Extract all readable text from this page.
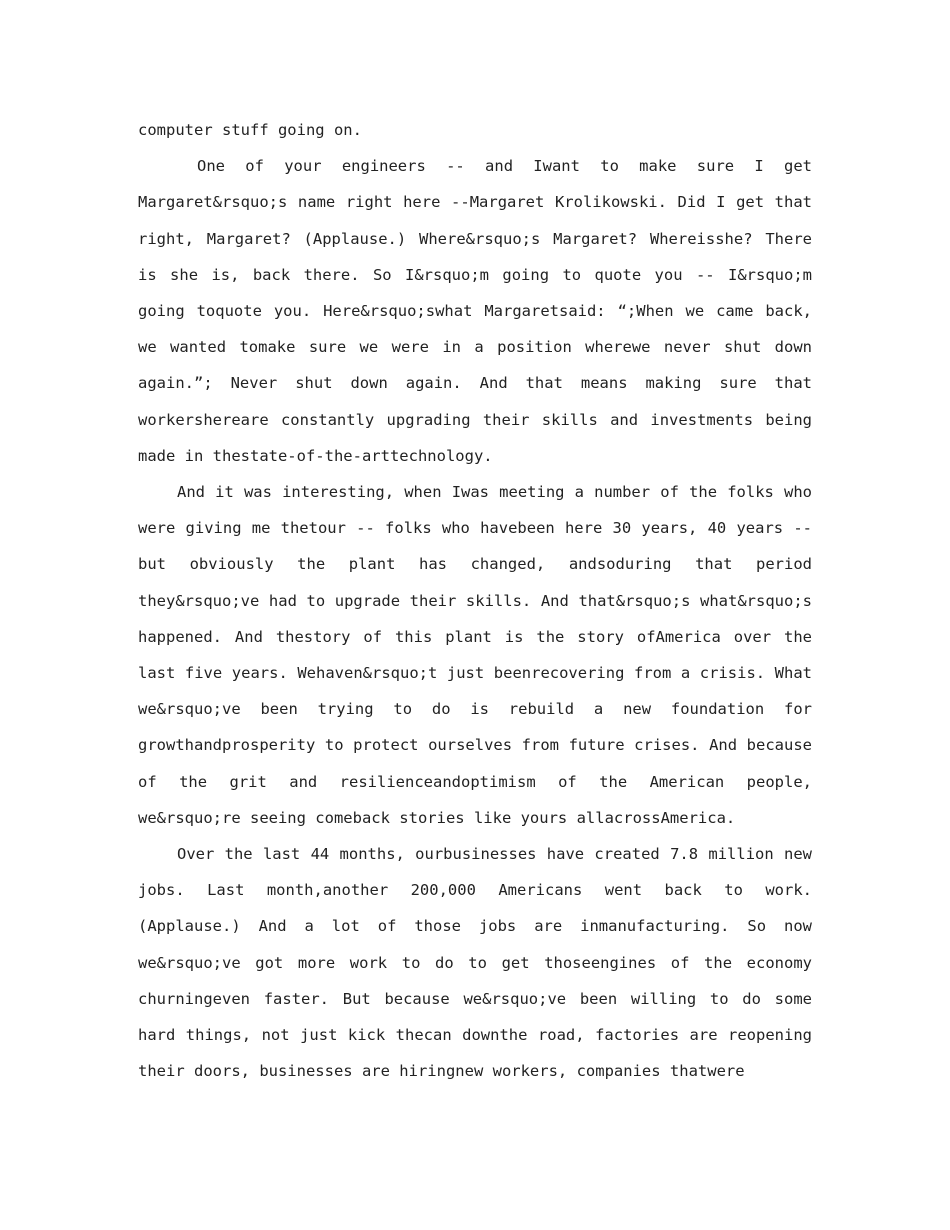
computer stuff going on.

One of your engineers -- and Iwant to make sure I get Margaret&rsquo;s name right here --Margaret Krolikowski. Did I get that right, Margaret? (Applause.) Where&rsquo;s Margaret? Whereisshe? There is she is, back there. So I&rsquo;m going to quote you -- I&rsquo;m going toquote you. Here&rsquo;swhat Margaretsaid: “;When we came back, we wanted tomake sure we were in a position wherewe never shut down again.”; Never shut down again. And that means making sure that workershereare constantly upgrading their skills and investments being made in thestate-of-the-arttechnology.

And it was interesting, when Iwas meeting a number of the folks who were giving me thetour -- folks who havebeen here 30 years, 40 years -- but obviously the plant has changed, andsoduring that period they&rsquo;ve had to upgrade their skills. And that&rsquo;s what&rsquo;s happened. And thestory of this plant is the story ofAmerica over the last five years. Wehaven&rsquo;t just beenrecovering from a crisis. What we&rsquo;ve been trying to do is rebuild a new foundation for growthandprosperity to protect ourselves from future crises. And because of the grit and resilienceandoptimism of the American people, we&rsquo;re seeing comeback stories like yours allacrossAmerica.

Over the last 44 months, ourbusinesses have created 7.8 million new jobs. Last month,another 200,000 Americans went back to work. (Applause.) And a lot of those jobs are inmanufacturing. So now we&rsquo;ve got more work to do to get thoseengines of the economy churningeven faster. But because we&rsquo;ve been willing to do some hard things, not just kick thecan downthe road, factories are reopening their doors, businesses are hiringnew workers, companies thatwere
